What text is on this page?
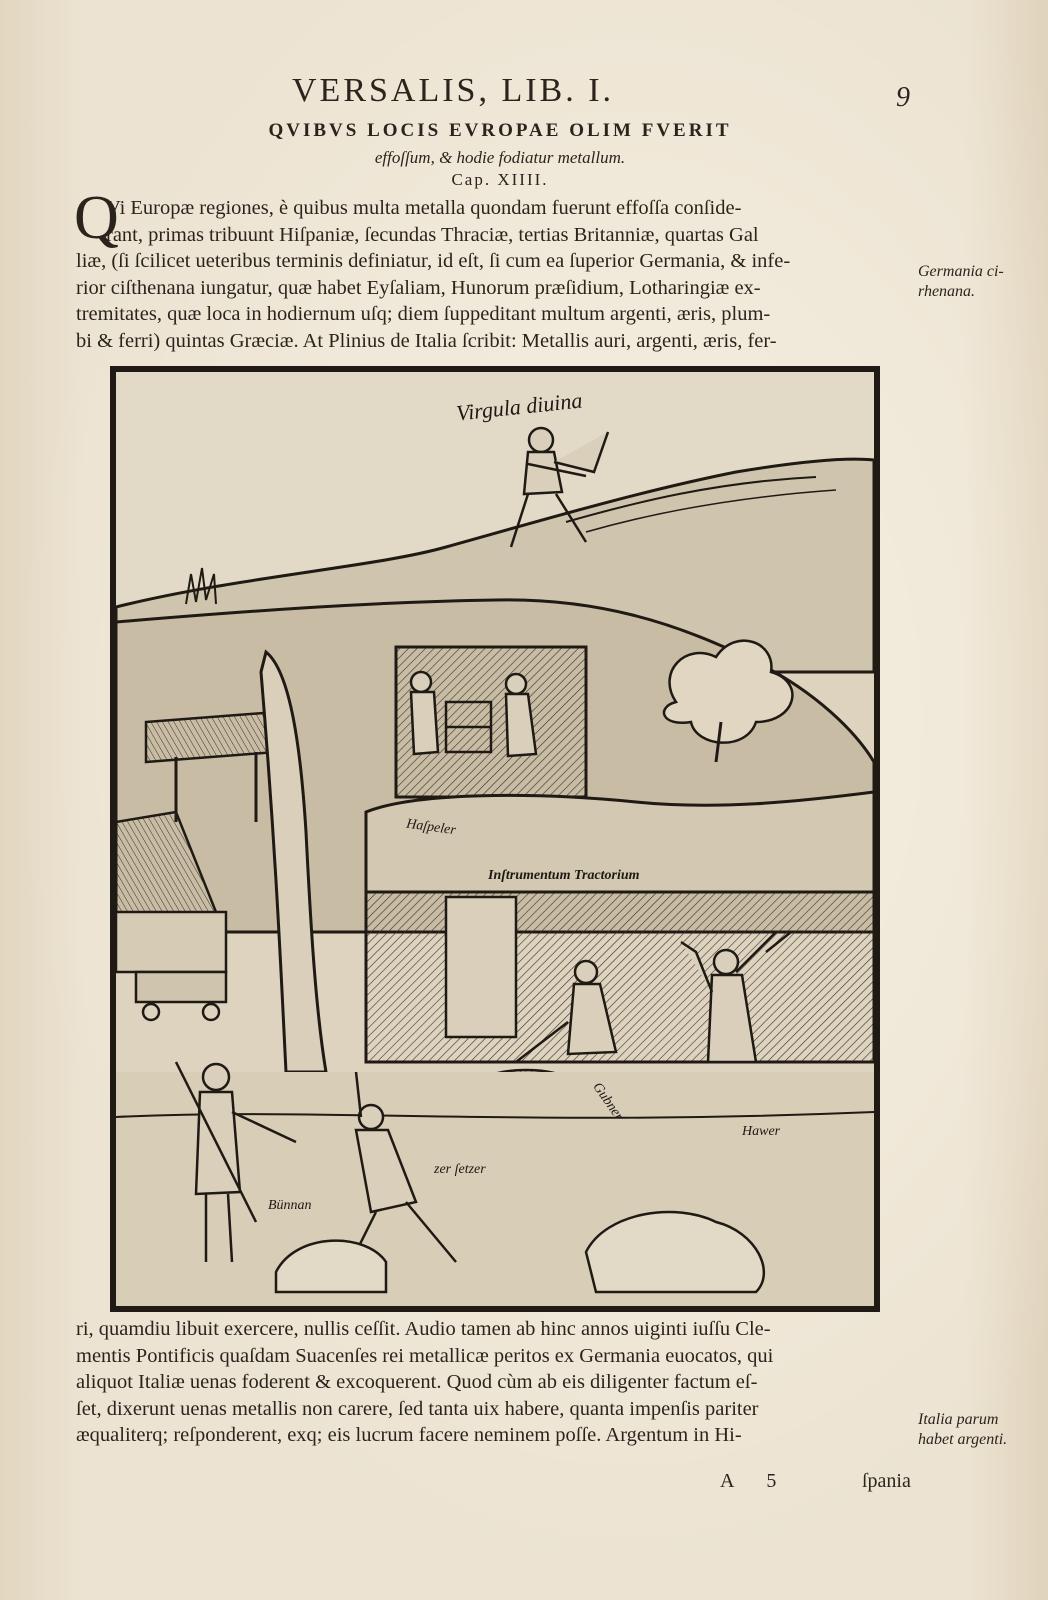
VERSALIS, LIB. I.	9
QVIBVS LOCIS EVROPAE OLIM FVERIT
effoſſum, & hodie fodiatur metallum.
Cap. XIIII.
Q
Vi Europæ regiones, è quibus multa metalla quondam fuerunt effoſſa conſide-
rant, primas tribuunt Hiſpaniæ, ſecundas Thraciæ, tertias Britanniæ, quartas Gal
liæ, (ſi ſcilicet ueteribus terminis definiatur, id eſt, ſi cum ea ſuperior Germania, & infe-
rior ciſthenana iungatur, quæ habet Eyſaliam, Hunorum præſidium, Lotharingiæ ex-
tremitates, quæ loca in hodiernum uſq; diem ſuppeditant multum argenti, æris, plum-
bi & ferri) quintas Græciæ. At Plinius de Italia ſcribit: Metallis auri, argenti, æris, fer-
Germania ci-
rhenana.
Virgula diuina
Haſpeler
Inſtrumentum Tractorium
Gubner
Hawer
zer ſetzer
Bünnan
ri, quamdiu libuit exercere, nullis ceſſit. Audio tamen ab hinc annos uiginti iuſſu Cle-
mentis Pontificis quaſdam Suacenſes rei metallicæ peritos ex Germania euocatos, qui
aliquot Italiæ uenas foderent & excoquerent. Quod cùm ab eis diligenter factum eſ-
ſet, dixerunt uenas metallis non carere, ſed tanta uix habere, quanta impenſis pariter
æqualiterq; reſponderent, exq; eis lucrum facere neminem poſſe. Argentum in Hi-
Italia parum
habet argenti.
A 5	ſpania
